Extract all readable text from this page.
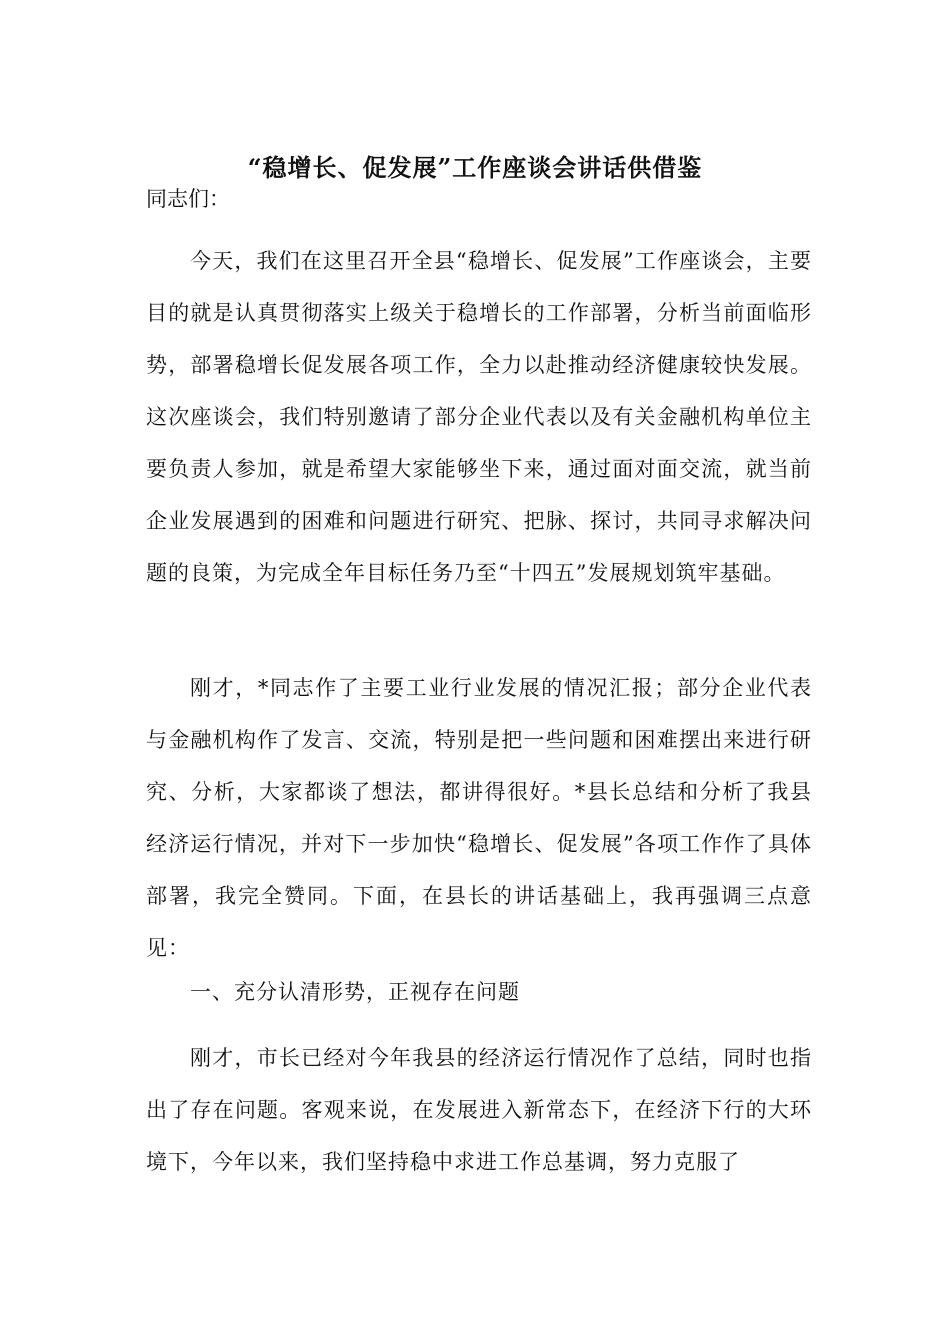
“稳增长、促发展”工作座谈会讲话供借鉴

同志们：

今天，我们在这里召开全县“稳增长、促发展”工作座谈会，主要目的就是认真贯彻落实上级关于稳增长的工作部署，分析当前面临形势，部署稳增长促发展各项工作，全力以赴推动经济健康较快发展。这次座谈会，我们特别邀请了部分企业代表以及有关金融机构单位主要负责人参加，就是希望大家能够坐下来，通过面对面交流，就当前企业发展遇到的困难和问题进行研究、把脉、探讨，共同寻求解决问题的良策，为完成全年目标任务乃至“十四五”发展规划筑牢基础。

刚才，*同志作了主要工业行业发展的情况汇报；部分企业代表与金融机构作了发言、交流，特别是把一些问题和困难摆出来进行研究、分析，大家都谈了想法，都讲得很好。*县长总结和分析了我县经济运行情况，并对下一步加快“稳增长、促发展”各项工作作了具体部署，我完全赞同。下面，在县长的讲话基础上，我再强调三点意见：

一、充分认清形势，正视存在问题

刚才，市长已经对今年我县的经济运行情况作了总结，同时也指出了存在问题。客观来说，在发展进入新常态下，在经济下行的大环境下，今年以来，我们坚持稳中求进工作总基调，努力克服了
